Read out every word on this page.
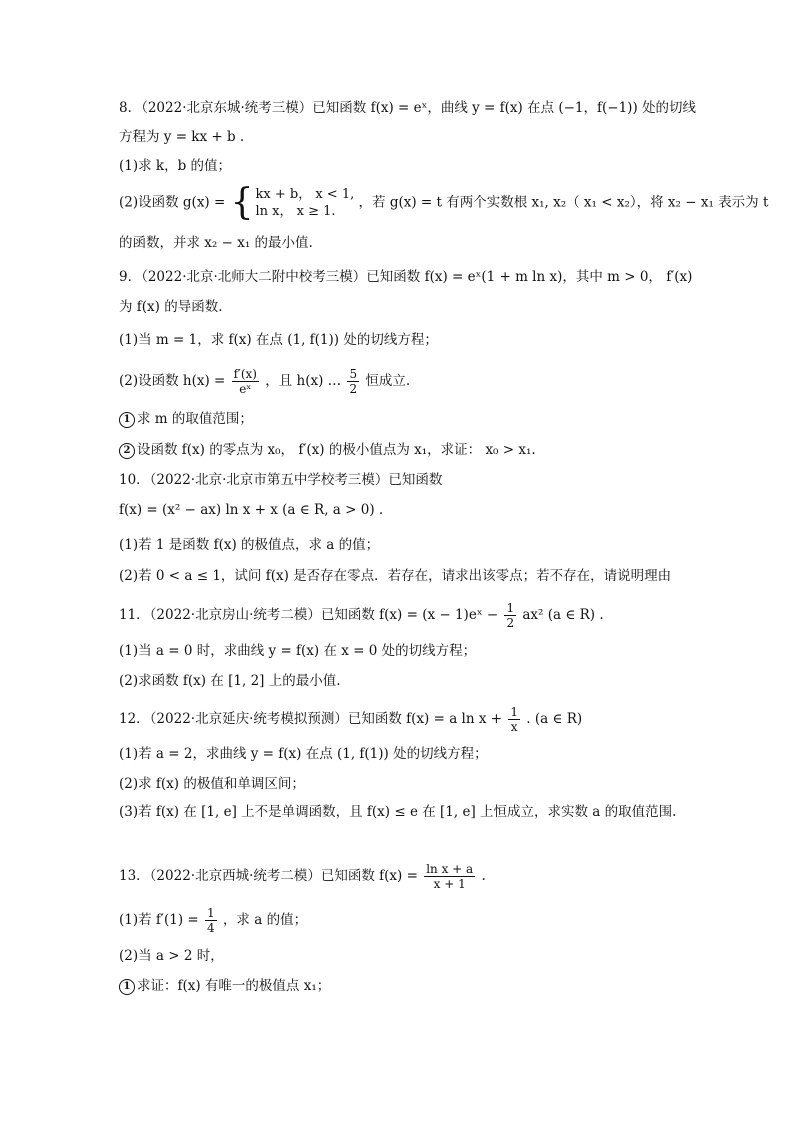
8．（2022·北京东城·统考三模）已知函数 f(x) = eˣ，曲线 y = f(x) 在点 (−1，f(−1)) 处的切线
方程为 y = kx + b .
(1)求 k，b 的值；
(2)设函数 g(x) = { kx + b， x < 1,
ln x， x ≥ 1.
，若 g(x) = t 有两个实数根 x₁, x₂（ x₁ < x₂），将 x₂ − x₁ 表示为 t
的函数，并求 x₂ − x₁ 的最小值.
9．（2022·北京·北师大二附中校考三模）已知函数 f(x) = eˣ(1 + m ln x)，其中 m > 0， f′(x)
为 f(x) 的导函数.
(1)当 m = 1，求 f(x) 在点 (1, f(1)) 处的切线方程；
(2)设函数 $h(x) = \frac{f'(x)}{\text{eˣ}}$ ，且 h(x) … $\frac{5}{2}$ 恒成立.
1 求 m 的取值范围；
2 设函数 f(x) 的零点为 x₀， f′(x) 的极小值点为 x₁，求证： x₀ > x₁.
10．（2022·北京·北京市第五中学校考三模）已知函数
f(x) = (x² − ax) ln x + x (a ∈ R, a > 0) .
(1)若 1 是函数 f(x) 的极值点，求 a 的值；
(2)若 0 < a ≤ 1，试问 f(x) 是否存在零点．若存在，请求出该零点；若不存在，请说明理由
11．（2022·北京房山·统考二模）已知函数 f(x) = (x − 1)eˣ − $\frac{1}{2} ax^2$ (a ∈ R) .
(1)当 a = 0 时，求曲线 y = f(x) 在 x = 0 处的切线方程；
(2)求函数 f(x) 在 [1, 2] 上的最小值.
12．（2022·北京延庆·统考模拟预测）已知函数 f(x) = a $\ln x + \frac{1}{x}$ . (a ∈ R)
(1)若 a = 2，求曲线 y = f(x) 在点 (1, f(1)) 处的切线方程；
(2)求 f(x) 的极值和单调区间；
(3)若 f(x) 在 [1, e] 上不是单调函数，且 f(x) ≤ e 在 [1, e] 上恒成立，求实数 a 的取值范围.
13．（2022·北京西城·统考二模）已知函数 $f(x) = \frac{\text{ln x + a}}{x + 1}$ .
(1)若 $f'(1) = \frac{1}{4}$ ，求 a 的值；
(2)当 a > 2 时，
1 求证：f(x) 有唯一的极值点 x₁；
